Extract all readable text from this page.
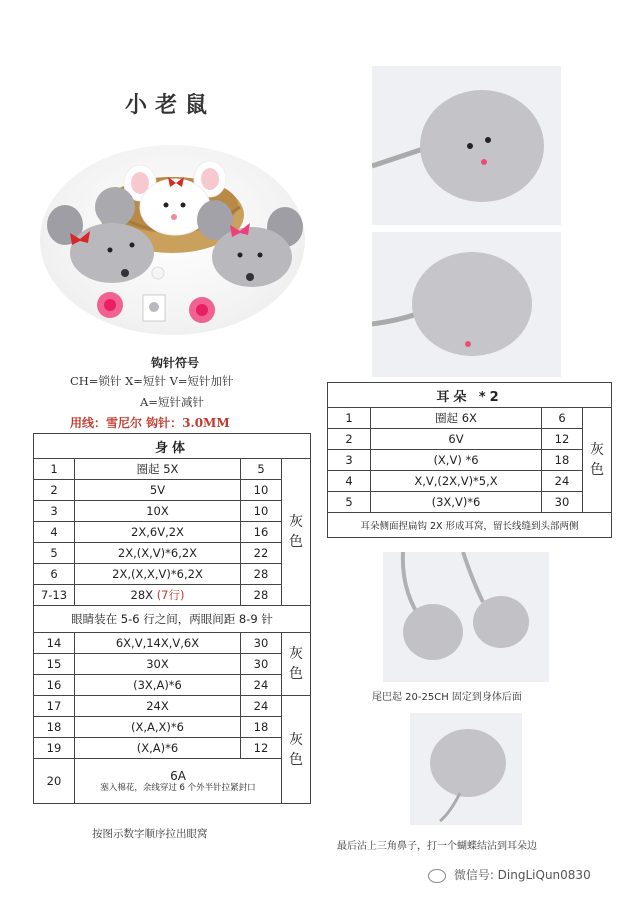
小老鼠
钩针符号
CH=锁针 X=短针 V=短针加针
A=短针减针
用线：雪尼尔 钩针：3.0MM
身体			
1	圈起 5X	5	灰色
2	5V	10	
3	10X	10	
4	2X,6V,2X	16	
5	2X,(X,V)*6,2X	22	
6	2X,(X,X,V)*6,2X	28	
7-13	28X (7行)	28	
眼睛装在 5-6 行之间，两眼间距 8-9 针			
14	6X,V,14X,V,6X	30	灰色
15	30X	30	
16	(3X,A)*6	24	
17	24X	24	灰色
18	(X,A,X)*6	18	
19	(X,A)*6	12	
20	6A
塞入棉花，余线穿过 6 个外半针拉紧封口		
按图示数字顺序拉出眼窝
耳朵 *2			
1	圈起 6X	6	灰色
2	6V	12	
3	(X,V) *6	18	
4	X,V,(2X,V)*5,X	24	
5	(3X,V)*6	30	
耳朵侧面捏扁钩 2X 形成耳窝，留长线缝到头部两侧			
尾巴起 20-25CH 固定到身体后面
最后沾上三角鼻子，打一个蝴蝶结沾到耳朵边
微信号: DingLiQun0830
